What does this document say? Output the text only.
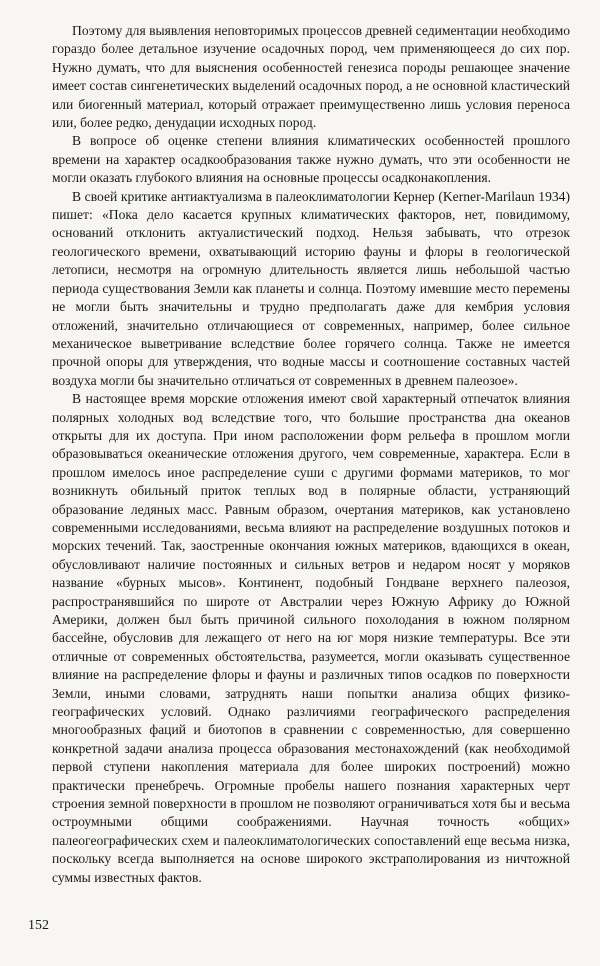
Поэтому для выявления неповторимых процессов древней седиментации необходимо гораздо более детальное изучение осадочных пород, чем применяющееся до сих пор. Нужно думать, что для выяснения особенностей генезиса породы решающее значение имеет состав сингенетических выделений осадочных пород, а не основной кластический или биогенный материал, который отражает преимущественно лишь условия переноса или, более редко, денудации исходных пород.

В вопросе об оценке степени влияния климатических особенностей прошлого времени на характер осадкообразования также нужно думать, что эти особенности не могли оказать глубокого влияния на основные процессы осадконакопления.

В своей критике антиактуализма в палеоклиматологии Кернер (Kerner-Marilaun 1934) пишет: «Пока дело касается крупных климатических факторов, нет, повидимому, оснований отклонить актуалистический подход. Нельзя забывать, что отрезок геологического времени, охватывающий историю фауны и флоры в геологической летописи, несмотря на огромную длительность является лишь небольшой частью периода существования Земли как планеты и солнца. Поэтому имевшие место перемены не могли быть значительны и трудно предполагать даже для кембрия условия отложений, значительно отличающиеся от современных, например, более сильное механическое выветривание вследствие более горячего солнца. Также не имеется прочной опоры для утверждения, что водные массы и соотношение составных частей воздуха могли бы значительно отличаться от современных в древнем палеозое».

В настоящее время морские отложения имеют свой характерный отпечаток влияния полярных холодных вод вследствие того, что большие пространства дна океанов открыты для их доступа. При ином расположении форм рельефа в прошлом могли образовываться океанические отложения другого, чем современные, характера. Если в прошлом имелось иное распределение суши с другими формами материков, то мог возникнуть обильный приток теплых вод в полярные области, устраняющий образование ледяных масс. Равным образом, очертания материков, как установлено современными исследованиями, весьма влияют на распределение воздушных потоков и морских течений. Так, заостренные окончания южных материков, вдающихся в океан, обусловливают наличие постоянных и сильных ветров и недаром носят у моряков название «бурных мысов». Континент, подобный Гондване верхнего палеозоя, распространявшийся по широте от Австралии через Южную Африку до Южной Америки, должен был быть причиной сильного похолодания в южном полярном бассейне, обусловив для лежащего от него на юг моря низкие температуры. Все эти отличные от современных обстоятельства, разумеется, могли оказывать существенное влияние на распределение флоры и фауны и различных типов осадков по поверхности Земли, иными словами, затруднять наши попытки анализа общих физико-географических условий. Однако различиями географического распределения многообразных фаций и биотопов в сравнении с современностью, для совершенно конкретной задачи анализа процесса образования местонахождений (как необходимой первой ступени накопления материала для более широких построений) можно практически пренебречь. Огромные пробелы нашего познания характерных черт строения земной поверхности в прошлом не позволяют ограничиваться хотя бы и весьма остроумными общими соображениями. Научная точность «общих» палеогеографических схем и палеоклиматологических сопоставлений еще весьма низка, поскольку всегда выполняется на основе широкого экстраполирования из ничтожной суммы известных фактов.

152
